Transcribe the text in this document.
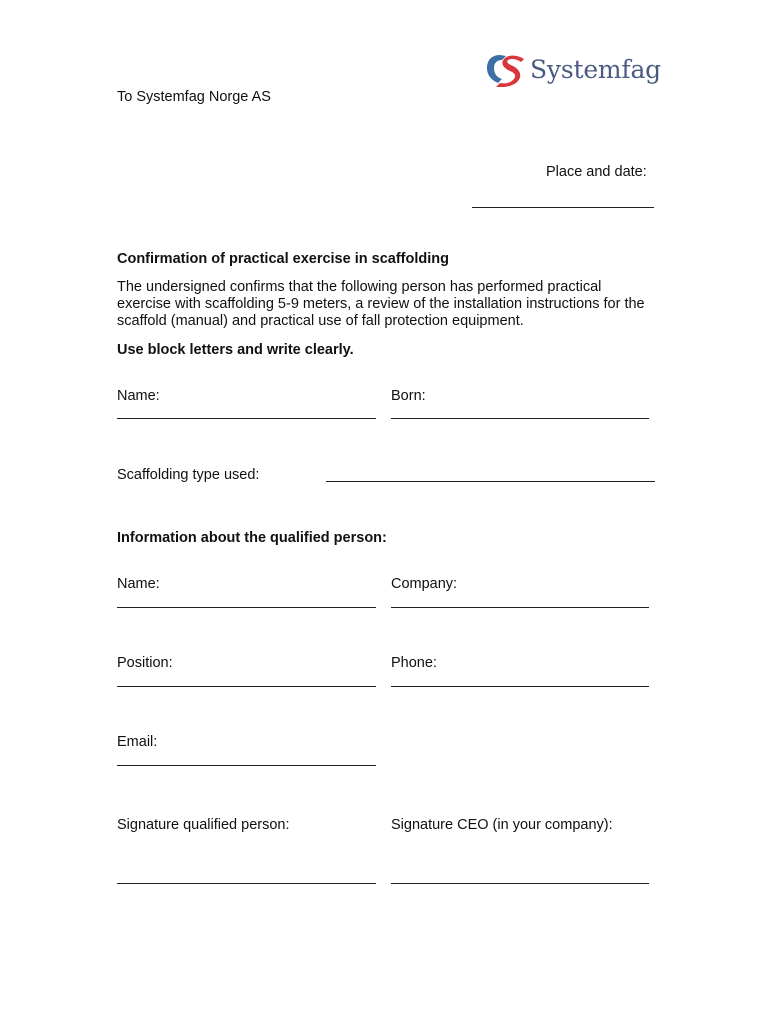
Systemfag
To Systemfag Norge AS
Place and date:
Confirmation of practical exercise in scaffolding
The undersigned confirms that the following person has performed practical exercise with scaffolding 5-9 meters, a review of the installation instructions for the scaffold (manual) and practical use of fall protection equipment.
Use block letters and write clearly.
Name:	Born:
Scaffolding type used:
Information about the qualified person:
Name:	Company:
Position:	Phone:
Email:
Signature qualified person:	Signature CEO (in your company):
